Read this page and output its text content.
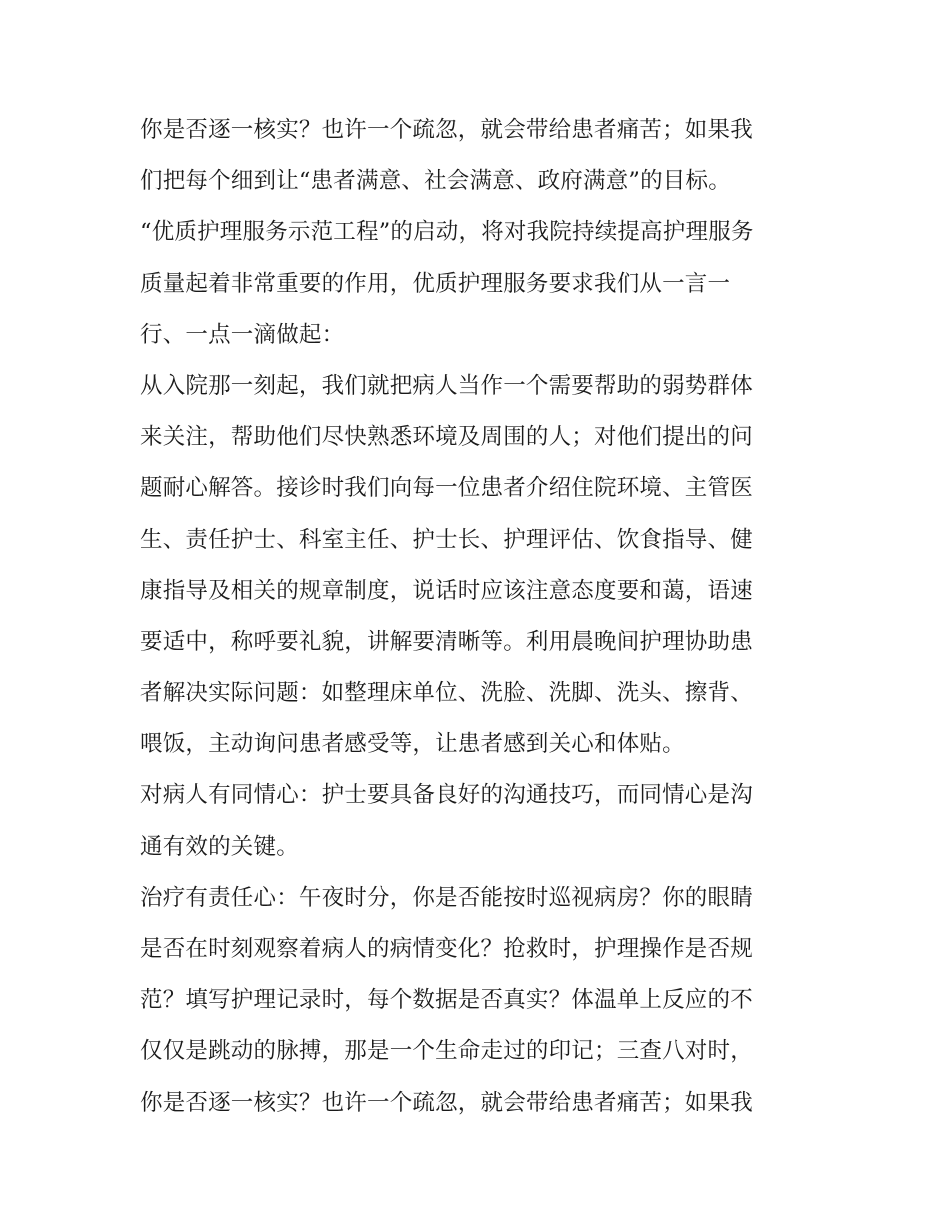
你是否逐一核实？也许一个疏忽，就会带给患者痛苦；如果我
们把每个细到让“患者满意、社会满意、政府满意”的目标。
“优质护理服务示范工程”的启动，将对我院持续提高护理服务
质量起着非常重要的作用，优质护理服务要求我们从一言一
行、一点一滴做起：
从入院那一刻起，我们就把病人当作一个需要帮助的弱势群体
来关注，帮助他们尽快熟悉环境及周围的人；对他们提出的问
题耐心解答。接诊时我们向每一位患者介绍住院环境、主管医
生、责任护士、科室主任、护士长、护理评估、饮食指导、健
康指导及相关的规章制度，说话时应该注意态度要和蔼，语速
要适中，称呼要礼貌，讲解要清晰等。利用晨晚间护理协助患
者解决实际问题：如整理床单位、洗脸、洗脚、洗头、擦背、
喂饭，主动询问患者感受等，让患者感到关心和体贴。
对病人有同情心：护士要具备良好的沟通技巧，而同情心是沟
通有效的关键。
治疗有责任心：午夜时分，你是否能按时巡视病房？你的眼睛
是否在时刻观察着病人的病情变化？抢救时，护理操作是否规
范？填写护理记录时，每个数据是否真实？体温单上反应的不
仅仅是跳动的脉搏，那是一个生命走过的印记；三查八对时，
你是否逐一核实？也许一个疏忽，就会带给患者痛苦；如果我
